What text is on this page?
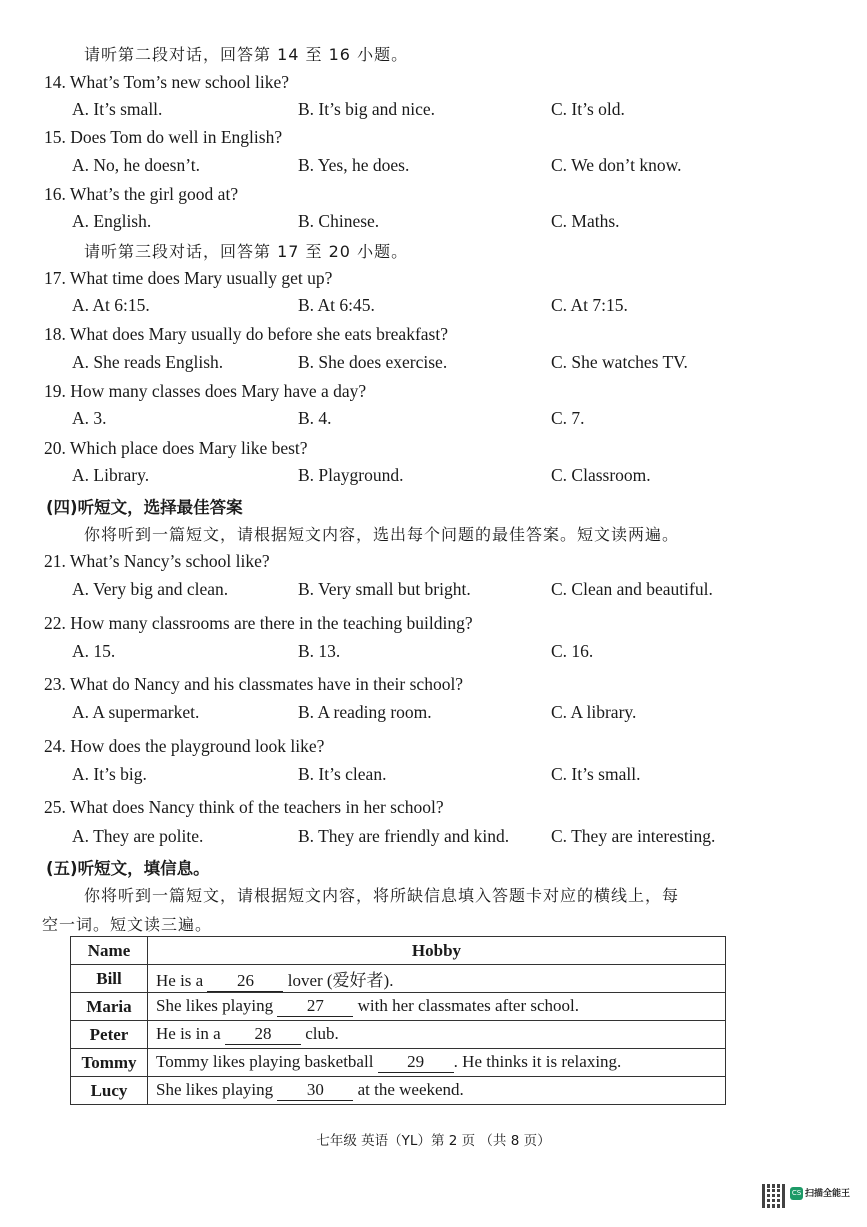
请听第二段对话，回答第 14 至 16 小题。
14. What’s Tom’s new school like?
A. It’s small.	B. It’s big and nice.	C. It’s old.
15. Does Tom do well in English?
A. No, he doesn’t.	B. Yes, he does.	C. We don’t know.
16. What’s the girl good at?
A. English.	B. Chinese.	C. Maths.
请听第三段对话，回答第 17 至 20 小题。
17. What time does Mary usually get up?
A. At 6:15.	B. At 6:45.	C. At 7:15.
18. What does Mary usually do before she eats breakfast?
A. She reads English.	B. She does exercise.	C. She watches TV.
19. How many classes does Mary have a day?
A. 3.	B. 4.	C. 7.
20. Which place does Mary like best?
A. Library.	B. Playground.	C. Classroom.
(四)听短文，选择最佳答案
你将听到一篇短文，请根据短文内容，选出每个问题的最佳答案。短文读两遍。
21. What’s Nancy’s school like?
A. Very big and clean.	B. Very small but bright.	C. Clean and beautiful.
22. How many classrooms are there in the teaching building?
A. 15.	B. 13.	C. 16.
23. What do Nancy and his classmates have in their school?
A. A supermarket.	B. A reading room.	C. A library.
24. How does the playground look like?
A. It’s big.	B. It’s clean.	C. It’s small.
25. What does Nancy think of the teachers in her school?
A. They are polite.	B. They are friendly and kind. C. They are interesting.
(五)听短文，填信息。
你将听到一篇短文，请根据短文内容，将所缺信息填入答题卡对应的横线上，每
空一词。短文读三遍。
Name	Hobby
Bill	He is a 26 lover (爱好者).
Maria	She likes playing 27 with her classmates after school.
Peter	He is in a 28 club.
Tommy	Tommy likes playing basketball 29 . He thinks it is relaxing.
Lucy	She likes playing 30 at the weekend.
七年级 英语（YL）第 2 页 （共 8 页）
CS 扫描全能王
